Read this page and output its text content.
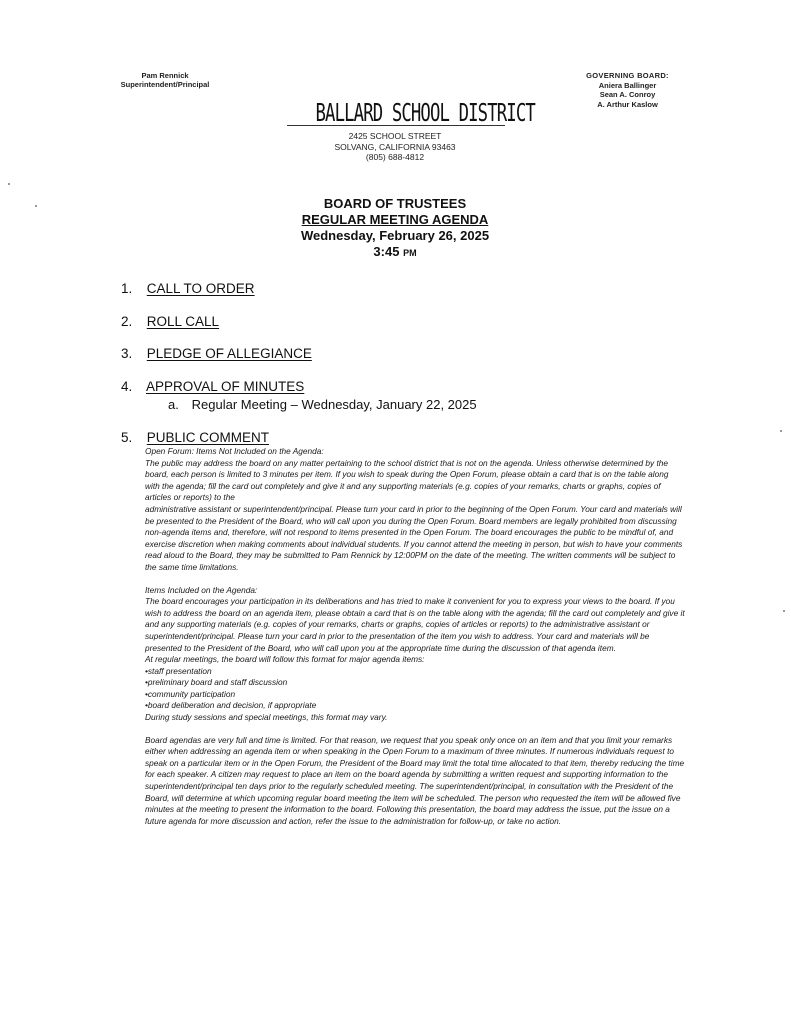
Pam Rennick
Superintendent/Principal
BALLARD SCHOOL DISTRICT
2425 SCHOOL STREET
SOLVANG, CALIFORNIA 93463
(805) 688-4812
GOVERNING BOARD:
Aniera Ballinger
Sean A. Conroy
A. Arthur Kaslow
BOARD OF TRUSTEES
REGULAR MEETING AGENDA
Wednesday, February 26, 2025
3:45 PM
1. CALL TO ORDER
2. ROLL CALL
3. PLEDGE OF ALLEGIANCE
4. APPROVAL OF MINUTES
a. Regular Meeting – Wednesday, January 22, 2025
5. PUBLIC COMMENT

Open Forum: Items Not Included on the Agenda:

The public may address the board on any matter pertaining to the school district that is not on the agenda. Unless otherwise determined by the board, each person is limited to 3 minutes per item. If you wish to speak during the Open Forum, please obtain a card that is on the table along with the agenda; fill the card out completely and give it and any supporting materials (e.g. copies of your remarks, charts or graphs, copies of articles or reports) to the

administrative assistant or superintendent/principal. Please turn your card in prior to the beginning of the Open Forum. Your card and materials will be presented to the President of the Board, who will call upon you during the Open Forum. Board members are legally prohibited from discussing non-agenda items and, therefore, will not respond to items presented in the Open Forum. The board encourages the public to be mindful of, and exercise discretion when making comments about individual students. If you cannot attend the meeting in person, but wish to have your comments read aloud to the Board, they may be submitted to Pam Rennick by 12:00PM on the date of the meeting. The written comments will be subject to the same time limitations.

Items Included on the Agenda:

The board encourages your participation in its deliberations and has tried to make it convenient for you to express your views to the board. If you wish to address the board on an agenda item, please obtain a card that is on the table along with the agenda; fill the card out completely and give it and any supporting materials (e.g. copies of your remarks, charts or graphs, copies of articles or reports) to the administrative assistant or superintendent/principal. Please turn your card in prior to the presentation of the item you wish to address. Your card and materials will be presented to the President of the Board, who will call upon you at the appropriate time during the discussion of that agenda item.

At regular meetings, the board will follow this format for major agenda items:

• staff presentation
• preliminary board and staff discussion
• community participation
• board deliberation and decision, if appropriate

During study sessions and special meetings, this format may vary.

Board agendas are very full and time is limited. For that reason, we request that you speak only once on an item and that you limit your remarks either when addressing an agenda item or when speaking in the Open Forum to a maximum of three minutes. If numerous individuals request to speak on a particular item or in the Open Forum, the President of the Board may limit the total time allocated to that item, thereby reducing the time for each speaker. A citizen may request to place an item on the board agenda by submitting a written request and supporting information to the superintendent/principal ten days prior to the regularly scheduled meeting. The superintendent/principal, in consultation with the President of the Board, will determine at which upcoming regular board meeting the item will be scheduled. The person who requested the item will be allowed five minutes at the meeting to present the information to the board. Following this presentation, the board may address the issue, put the issue on a future agenda for more discussion and action, refer the issue to the administration for follow-up, or take no action.
